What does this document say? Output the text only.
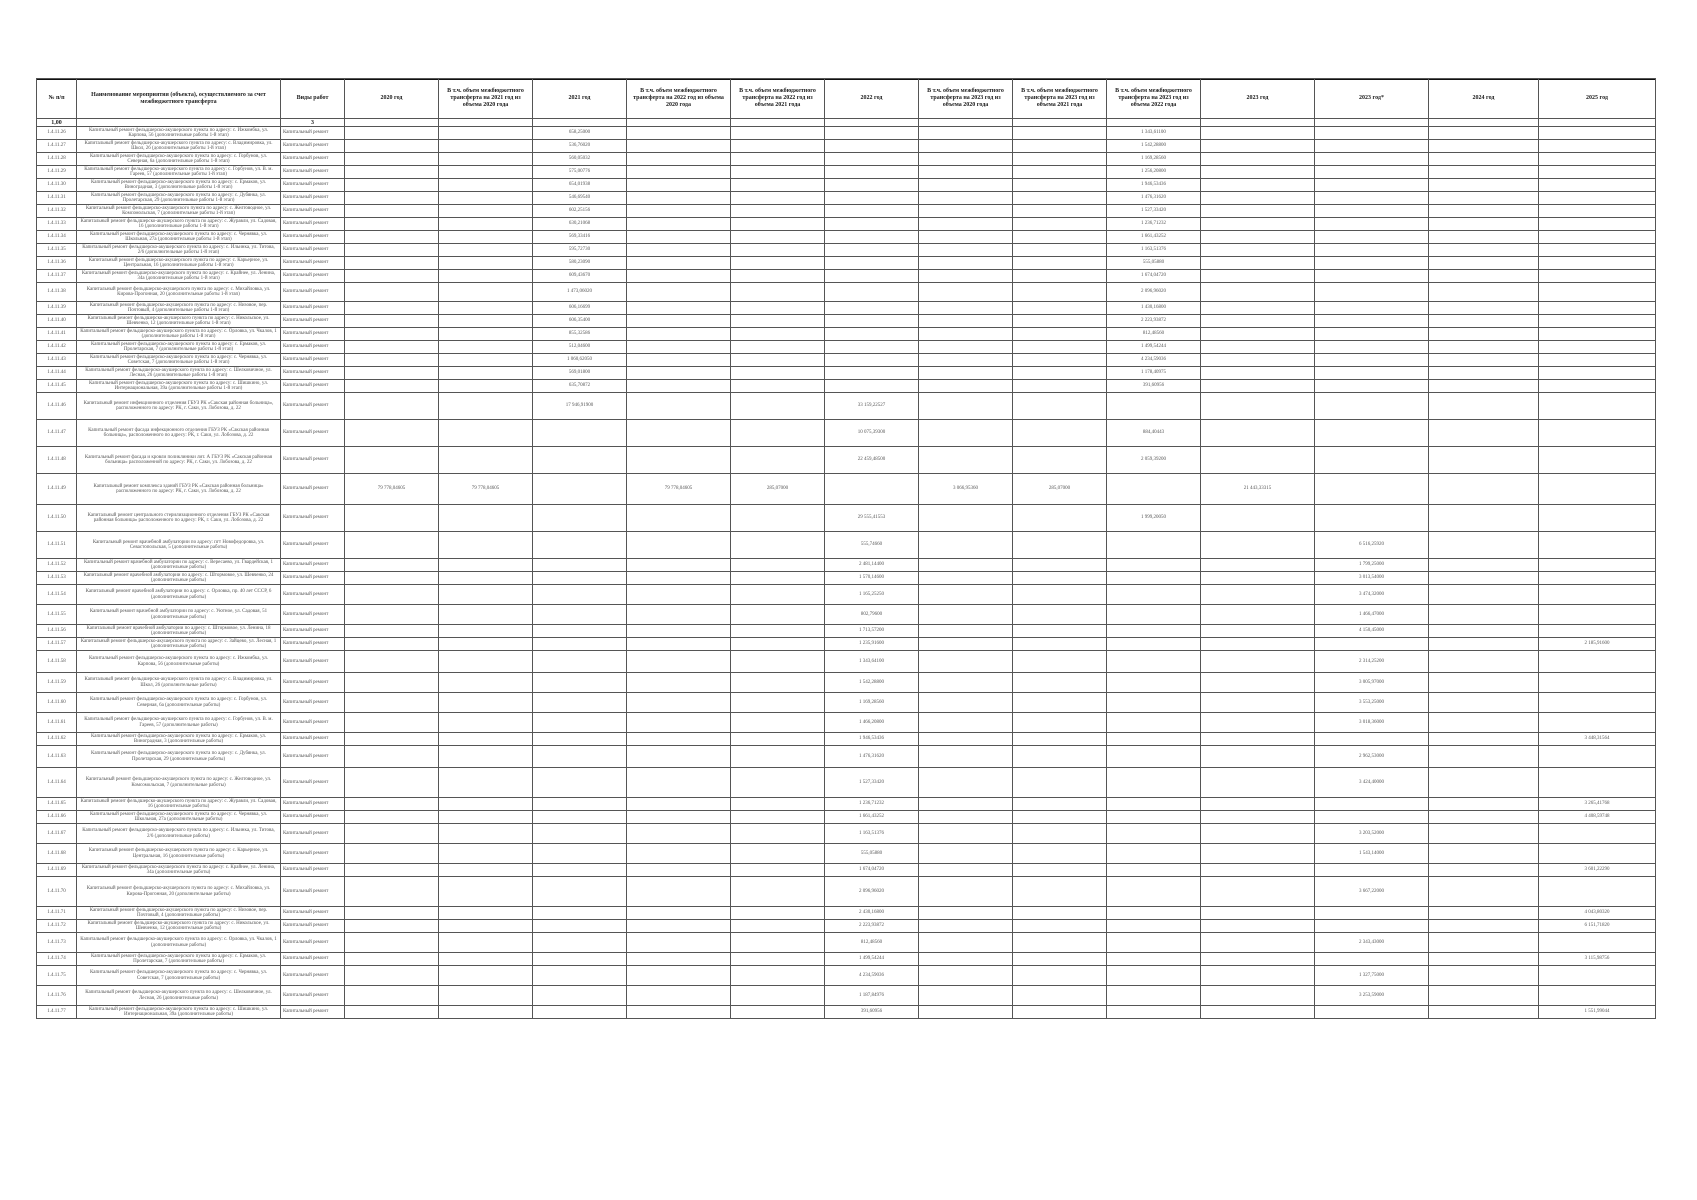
№ п/п	Наименование мероприятия (объекта), осуществляемого за счет межбюджетного трансферта	Виды работ	2020 год	В т.ч. объем межбюджетного трансферта на 2021 год из объема 2020 года	2021 год	В т.ч. объем межбюджетного трансферта на 2022 год из объема 2020 года	В т.ч. объем межбюджетного трансферта на 2022 год из объема 2021 года	2022 год	В т.ч. объем межбюджетного трансферта на 2023 год из объема 2020 года	В т.ч. объем межбюджетного трансферта на 2023 год из объема 2021 года	В т.ч. объем межбюджетного трансферта на 2023 год из объема 2022 года	2023 год	2023 год*	2024 год	2025 год
1,00		3													
1.4.11.26	Капитальный ремонт фельдшерско-акушерского пункта по адресу: с. Ижкомбка, ул. Карпова, 56 (дополнительные работы 1-й этап)	Капитальный ремонт			658,25000						1 343,61100				
1.4.11.27	Капитальный ремонт фельдшерско-акушерского пункта по адресу: с. Владимировка, ул. Школ, 26 (дополнительные работы 1-й этап)	Капитальный ремонт			536,76020						1 542,28800				
1.4.11.28	Капитальный ремонт фельдшерско-акушерского пункта по адресу: с. Горбунов, ул. Северная, 6а (дополнительные работы 1-й этап)	Капитальный ремонт			560,05032						1 169,28560				
1.4.11.29	Капитальный ремонт фельдшерско-акушерского пункта по адресу: с. Горбунов, ул. В. м. Гареев, 57 (дополнительные работы 1-й этап)	Капитальный ремонт			575,00776						1 256,20800				
1.4.11.30	Капитальный ремонт фельдшерско-акушерского пункта по адресу: с. Ермаков, ул. Виноградная, 3 (дополнительные работы 1-й этап)	Капитальный ремонт			654,01938						1 946,53436				
1.4.11.31	Капитальный ремонт фельдшерско-акушерского пункта по адресу: с. Дубянка, ул. Пролетарская, 29 (дополнительные работы 1-й этап)	Капитальный ремонт			546,69540						1 476,31620				
1.4.11.32	Капитальный ремонт фельдшерско-акушерского пункта по адресу: с. Желтоводное, ул. Комсомольская, 7 (дополнительные работы 1-й этап)	Капитальный ремонт			602,25156						1 527,33420				
1.4.11.33	Капитальный ремонт фельдшерско-акушерского пункта по адресу: с. Журавли, ул. Садовая, 16 (дополнительные работы 1-й этап)	Капитальный ремонт			630,21068						1 236,71232				
1.4.11.34	Капитальный ремонт фельдшерско-акушерского пункта по адресу: с. Чернявка, ул. Школьная, 27а (дополнительные работы 1-й этап)	Капитальный ремонт			569,33416						1 661,43252				
1.4.11.35	Капитальный ремонт фельдшерско-акушерского пункта по адресу: с. Ильинка, ул. Титова, 2/6 (дополнительные работы 1-й этап)	Капитальный ремонт			595,72730						1 163,51376				
1.4.11.36	Капитальный ремонт фельдшерско-акушерского пункта по адресу: с. Карьерное, ул. Центральная, 16 (дополнительные работы 1-й этап)	Капитальный ремонт			580,23090						555,05880				
1.4.11.37	Капитальный ремонт фельдшерско-акушерского пункта по адресу: с. Крайнее, ул. Ленина, 34а (дополнительные работы 1-й этап)	Капитальный ремонт			609,43670						1 674,04720				
1.4.11.38	Капитальный ремонт фельдшерско-акушерского пункта по адресу: с. Михайловка, ул. Кирова-Прогонная, 20 (дополнительные работы 1-й этап)	Капитальный ремонт			1 473,06020						2 096,96020				
1.4.11.39	Капитальный ремонт фельдшерско-акушерского пункта по адресу: с. Низовое, пер. Почтовый, 4 (дополнительные работы 1-й этап)	Капитальный ремонт			606,16699						1 430,16800				
1.4.11.40	Капитальный ремонт фельдшерско-акушерского пункта по адресу: с. Никольское, ул. Шевченко, 12 (дополнительные работы 1-й этап)	Капитальный ремонт			606,35400						2 223,93872				
1.4.11.41	Капитальный ремонт фельдшерско-акушерского пункта по адресу: с. Орловка, ул. Чкалов, 1 (дополнительные работы 1-й этап)	Капитальный ремонт			855,32586						812,48560				
1.4.11.42	Капитальный ремонт фельдшерско-акушерского пункта по адресу: с. Ермаков, ул. Пролетарская, 7 (дополнительные работы 1-й этап)	Капитальный ремонт			512,04600						1 499,54244				
1.4.11.43	Капитальный ремонт фельдшерско-акушерского пункта по адресу: с. Чернявка, ул. Советская, 7 (дополнительные работы 1-й этап)	Капитальный ремонт			1 060,62050						4 234,59036				
1.4.11.44	Капитальный ремонт фельдшерско-акушерского пункта по адресу: с. Шелковичное, ул. Лесная, 26 (дополнительные работы 1-й этап)	Капитальный ремонт			569,01800						1 178,40975				
1.4.11.45	Капитальный ремонт фельдшерско-акушерского пункта по адресу: с. Шишкино, ул. Интернациональная, 39а (дополнительные работы 1-й этап)	Капитальный ремонт			635,70872						391,60956				
1.4.11.46	Капитальный ремонт инфекционного отделения ГБУЗ РК «Сакская районная больница», расположенного по адресу: РК, г. Саки, ул. Лобозова, д. 22	Капитальный ремонт			17 946,91900			33 159,22527							
1.4.11.47	Капитальный ремонт фасада инфекционного отделения ГБУЗ РК «Сакская районная больница», расположенного по адресу: РК, г. Саки, ул. Лобозова, д. 22	Капитальный ремонт						10 075,39300			884,40443				
1.4.11.48	Капитальный ремонт фасада и кровли поликлиники лит. А ГБУЗ РК «Сакская районная больница» расположенной по адресу: РК, г. Саки, ул. Лобозова, д. 22	Капитальный ремонт						22 459,48500			2 059,39200				
1.4.11.49	Капитальный ремонт комплекса зданий ГБУЗ РК «Сакская районная больница» расположенного по адресу: РК, г. Саки, ул. Лобозова, д. 22	Капитальный ремонт	79 778,04605	79 778,04605		79 778,04605	285,07000		3 066,95360	285,07000		21 443,33315			
1.4.11.50	Капитальный ремонт центрального стерилизационного отделения ГБУЗ РК «Сакская районная больница» расположенного по адресу: РК, г. Саки, ул. Лобозова, д. 22	Капитальный ремонт						29 555,41553			1 999,20050				
1.4.11.51	Капитальный ремонт врачебной амбулатории по адресу: пгт Новофедоровка, ул. Севастопольская, 5 (дополнительные работы)	Капитальный ремонт						555,74660					6 516,25920		
1.4.11.52	Капитальный ремонт врачебной амбулатории по адресу: с. Вересаево, ул. Гвардейская, 1 (дополнительные работы)	Капитальный ремонт						2 481,14400					1 799,25000		
1.4.11.53	Капитальный ремонт врачебной амбулатории по адресу: с. Штормовое, ул. Шевченко, 24 (дополнительные работы)	Капитальный ремонт						1 570,14600					3 013,54000		
1.4.11.54	Капитальный ремонт врачебной амбулатории по адресу: с. Орловка, пр. 40 лет СССР, 6 (дополнительные работы)	Капитальный ремонт						1 165,25250					3 474,32000		
1.4.11.55	Капитальный ремонт врачебной амбулатории по адресу: с. Уютное, ул. Садовая, 51 (дополнительные работы)	Капитальный ремонт						802,79600					1 466,47000		
1.4.11.56	Капитальный ремонт врачебной амбулатории по адресу: с. Штормовое, ул. Ленина, 18 (дополнительные работы)	Капитальный ремонт						1 713,57200					4 150,45000		
1.4.11.57	Капитальный ремонт фельдшерско-акушерского пункта по адресу: с. Зайцево, ул. Лесная, 1 (дополнительные работы)	Капитальный ремонт						1 235,91600							2 185,91600
1.4.11.58	Капитальный ремонт фельдшерско-акушерского пункта по адресу: с. Ижкомбка, ул. Карпова, 56 (дополнительные работы)	Капитальный ремонт						1 343,64100					2 314,25200		
1.4.11.59	Капитальный ремонт фельдшерско-акушерского пункта по адресу: с. Владимировка, ул. Школ, 26 (дополнительные работы)	Капитальный ремонт						1 542,28800					3 005,97000		
1.4.11.60	Капитальный ремонт фельдшерско-акушерского пункта по адресу: с. Горбунов, ул. Северная, 6а (дополнительные работы)	Капитальный ремонт						1 169,28560					3 553,25000		
1.4.11.61	Капитальный ремонт фельдшерско-акушерского пункта по адресу: с. Горбунов, ул. В. м. Гареев, 57 (дополнительные работы)	Капитальный ремонт						1 466,20800					3 018,36000		
1.4.11.62	Капитальный ремонт фельдшерско-акушерского пункта по адресу: с. Ермаков, ул. Виноградная, 3 (дополнительные работы)	Капитальный ремонт						1 946,53436							3 448,31564
1.4.11.63	Капитальный ремонт фельдшерско-акушерского пункта по адресу: с. Дубянка, ул. Пролетарская, 29 (дополнительные работы)	Капитальный ремонт						1 476,31620					2 962,53000		
1.4.11.64	Капитальный ремонт фельдшерско-акушерского пункта по адресу: с. Желтоводное, ул. Комсомольская, 7 (дополнительные работы)	Капитальный ремонт						1 527,33420					3 424,40000		
1.4.11.65	Капитальный ремонт фельдшерско-акушерского пункта по адресу: с. Журавли, ул. Садовая, 16 (дополнительные работы)	Капитальный ремонт						1 236,71232							3 265,41768
1.4.11.66	Капитальный ремонт фельдшерско-акушерского пункта по адресу: с. Чернявка, ул. Школьная, 27а (дополнительные работы)	Капитальный ремонт						1 661,43252							4 408,59748
1.4.11.67	Капитальный ремонт фельдшерско-акушерского пункта по адресу: с. Ильинка, ул. Титова, 2/6 (дополнительные работы)	Капитальный ремонт						1 163,51376					3 203,52000		
1.4.11.68	Капитальный ремонт фельдшерско-акушерского пункта по адресу: с. Карьерное, ул. Центральная, 16 (дополнительные работы)	Капитальный ремонт						555,05880					1 543,14000		
1.4.11.69	Капитальный ремонт фельдшерско-акушерского пункта по адресу: с. Крайнее, ул. Ленина, 34а (дополнительные работы)	Капитальный ремонт						1 674,04720							3 601,22290
1.4.11.70	Капитальный ремонт фельдшерско-акушерского пункта по адресу: с. Михайловка, ул. Кирова-Прогонная, 20 (дополнительные работы)	Капитальный ремонт						2 096,96020					3 667,22000		
1.4.11.71	Капитальный ремонт фельдшерско-акушерского пункта по адресу: с. Низовое, пер. Почтовый, 4 (дополнительные работы)	Капитальный ремонт						2 430,16800							4 043,80320
1.4.11.72	Капитальный ремонт фельдшерско-акушерского пункта по адресу: с. Никольское, ул. Шевченко, 12 (дополнительные работы)	Капитальный ремонт						2 223,93872							6 151,71820
1.4.11.73	Капитальный ремонт фельдшерско-акушерского пункта по адресу: с. Орловка, ул. Чкалов, 1 (дополнительные работы)	Капитальный ремонт						812,48560					2 343,43000		
1.4.11.74	Капитальный ремонт фельдшерско-акушерского пункта по адресу: с. Ермаков, ул. Пролетарская, 7 (дополнительные работы)	Капитальный ремонт						1 499,54244							3 115,98756
1.4.11.75	Капитальный ремонт фельдшерско-акушерского пункта по адресу: с. Чернявка, ул. Советская, 7 (дополнительные работы)	Капитальный ремонт						4 234,59036					1 327,75000		
1.4.11.76	Капитальный ремонт фельдшерско-акушерского пункта по адресу: с. Шелковичное, ул. Лесная, 26 (дополнительные работы)	Капитальный ремонт						1 187,84976					3 253,59000		
1.4.11.77	Капитальный ремонт фельдшерско-акушерского пункта по адресу: с. Шишкино, ул. Интернациональная, 39а (дополнительные работы)	Капитальный ремонт						391,60956							1 551,99044
